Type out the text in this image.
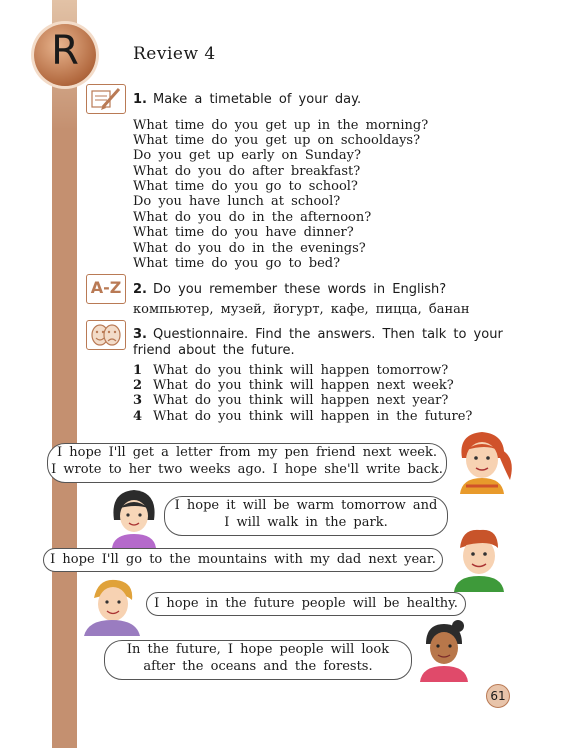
R	Review 4
1. Make a timetable of your day.
What time do you get up in the morning?
What time do you get up on schooldays?
Do you get up early on Sunday?
What do you do after breakfast?
What time do you go to school?
Do you have lunch at school?
What do you do in the afternoon?
What time do you have dinner?
What do you do in the evenings?
What time do you go to bed?
A-Z 2. Do you remember these words in English?
компьютер, музей, йогурт, кафе, пицца, банан
3. Questionnaire. Find the answers. Then talk to your
friend about the future.
1 What do you think will happen tomorrow?
2 What do you think will happen next week?
3 What do you think will happen next year?
4 What do you think will happen in the future?
I hope I'll get a letter from my pen friend next week.
I wrote to her two weeks ago. I hope she'll write back.
I hope it will be warm tomorrow and
I will walk in the park.
I hope I'll go to the mountains with my dad next year.
I hope in the future people will be healthy.
In the future, I hope people will look
after the oceans and the forests.
61
